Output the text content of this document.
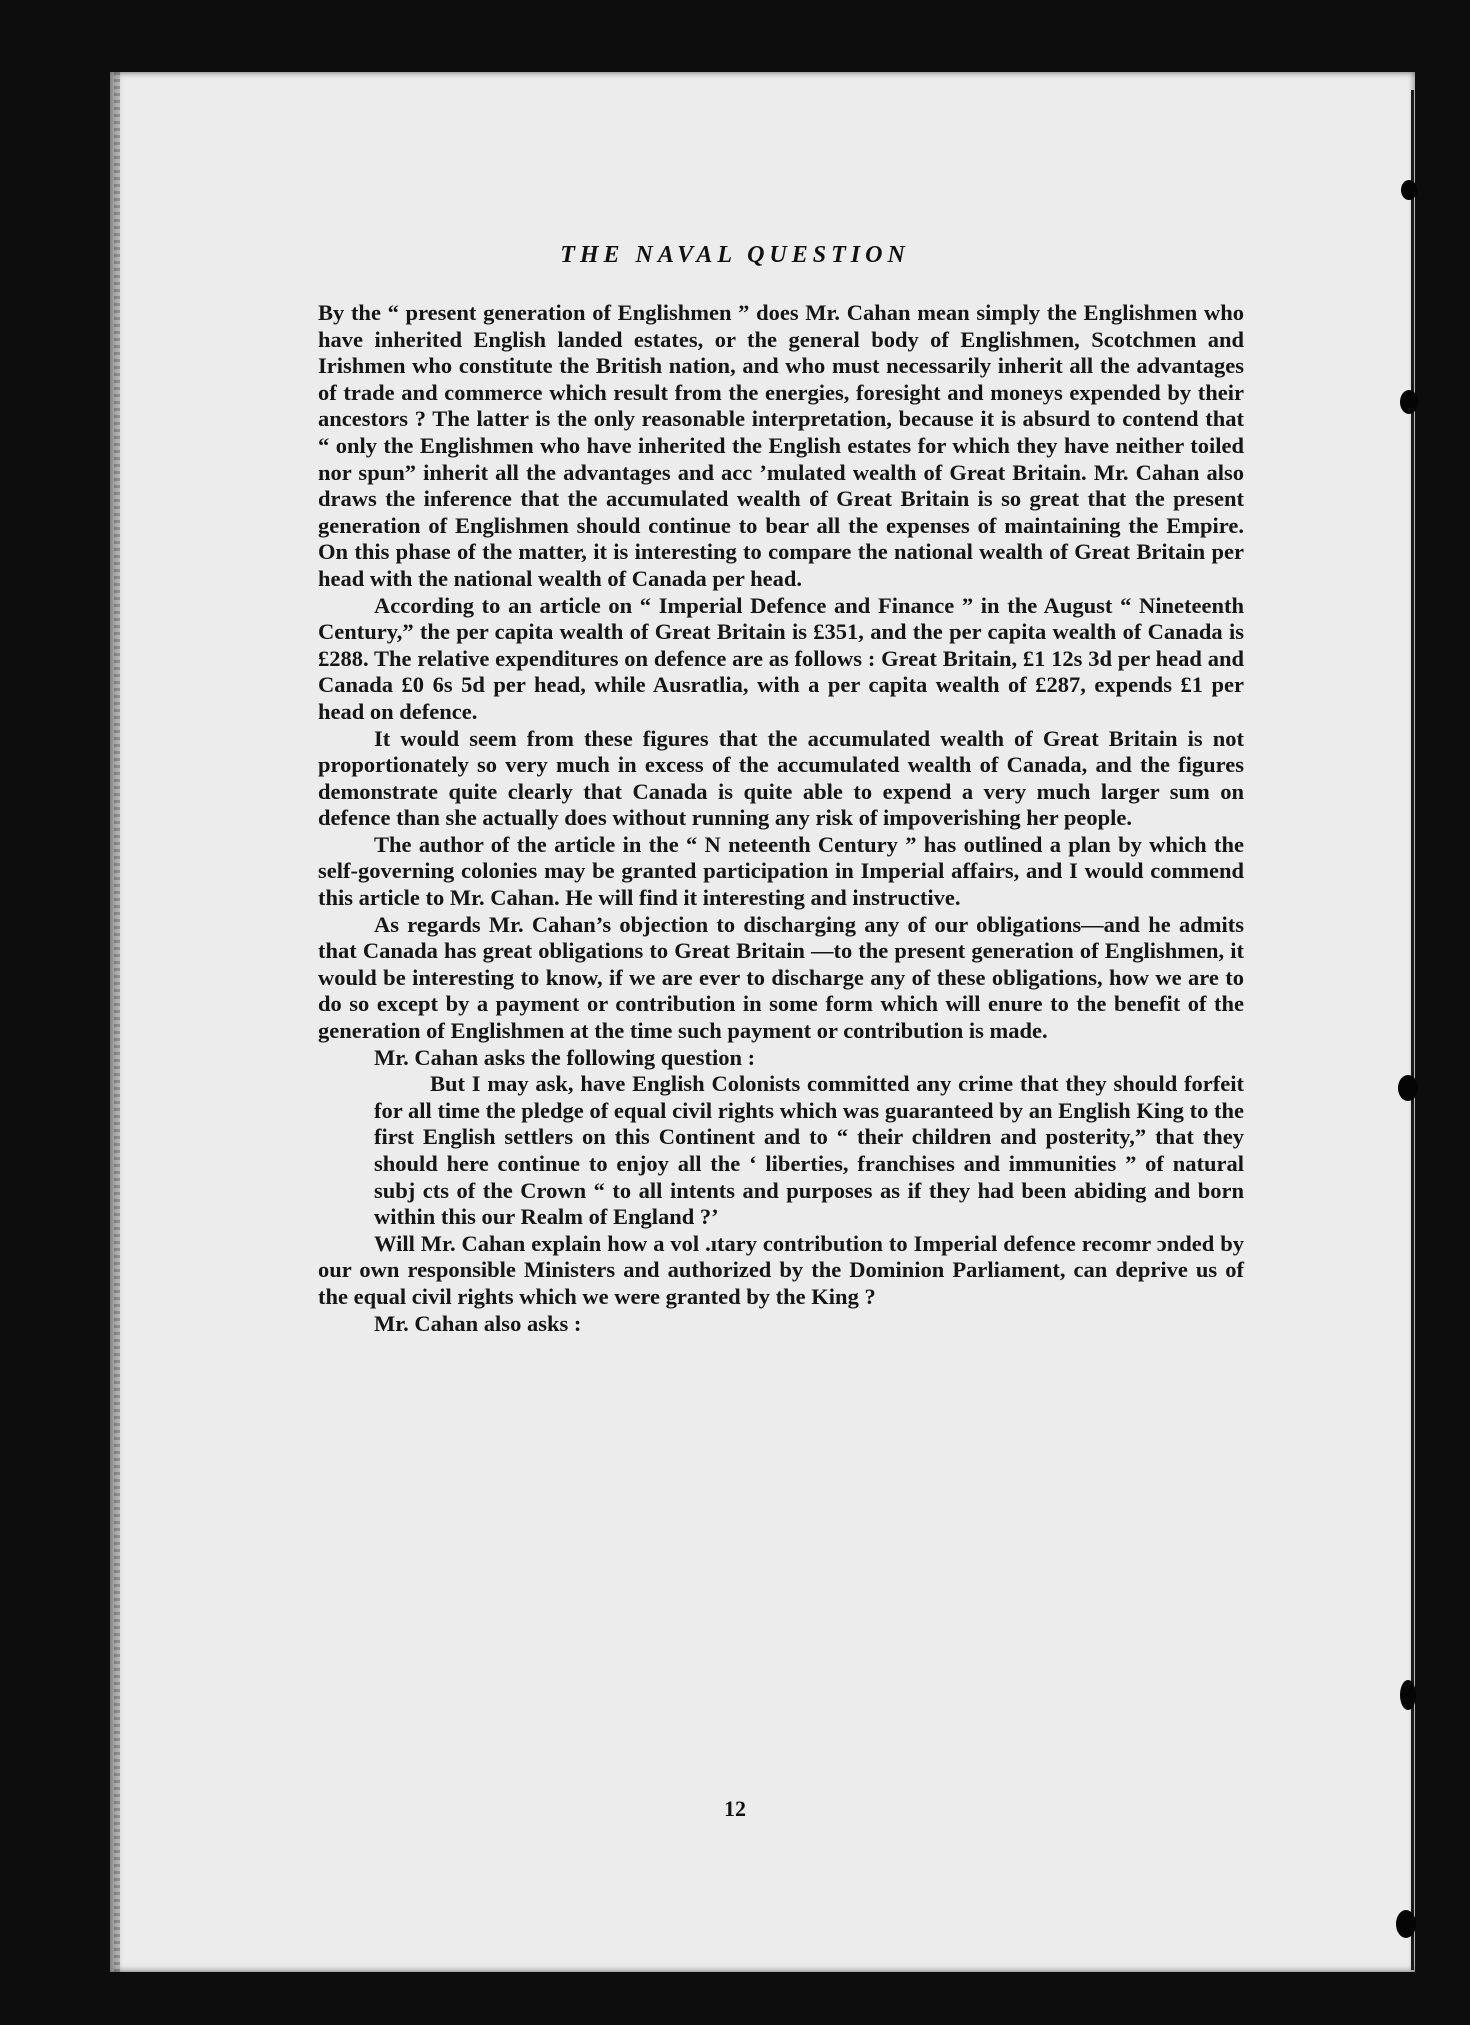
THE NAVAL QUESTION

By the “ present generation of Englishmen ” does Mr. Cahan mean simply the Englishmen who have inherited English landed estates, or the general body of Englishmen, Scotchmen and Irishmen who constitute the British nation, and who must necessarily inherit all the advantages of trade and commerce which result from the energies, foresight and moneys expended by their ancestors ? The latter is the only reasonable interpretation, because it is absurd to contend that “ only the Englishmen who have inherited the English estates for which they have neither toiled nor spun” inherit all the advantages and acc ’mulated wealth of Great Britain. Mr. Cahan also draws the inference that the accumulated wealth of Great Britain is so great that the present generation of Englishmen should continue to bear all the expenses of maintaining the Empire. On this phase of the matter, it is interesting to compare the national wealth of Great Britain per head with the national wealth of Canada per head.

According to an article on “ Imperial Defence and Finance ” in the August “ Nineteenth Century,” the per capita wealth of Great Britain is £351, and the per capita wealth of Canada is £288. The relative expenditures on defence are as follows : Great Britain, £1 12s 3d per head and Canada £0 6s 5d per head, while Ausratlia, with a per capita wealth of £287, expends £1 per head on defence.

It would seem from these figures that the accumulated wealth of Great Britain is not proportionately so very much in excess of the accumulated wealth of Canada, and the figures demonstrate quite clearly that Canada is quite able to expend a very much larger sum on defence than she actually does without running any risk of impoverishing her people.

The author of the article in the “ N neteenth Century ” has outlined a plan by which the self-governing colonies may be granted participation in Imperial affairs, and I would commend this article to Mr. Cahan. He will find it interesting and instructive.

As regards Mr. Cahan’s objection to discharging any of our obligations—and he admits that Canada has great obligations to Great Britain —to the present generation of Englishmen, it would be interesting to know, if we are ever to discharge any of these obligations, how we are to do so except by a payment or contribution in some form which will enure to the benefit of the generation of Englishmen at the time such payment or contribution is made.

Mr. Cahan asks the following question :

But I may ask, have English Colonists committed any crime that they should forfeit for all time the pledge of equal civil rights which was guaranteed by an English King to the first English settlers on this Continent and to “ their children and posterity,” that they should here continue to enjoy all the ‘ liberties, franchises and immunities ” of natural subj cts of the Crown “ to all intents and purposes as if they had been abiding and born within this our Realm of England ?’

Will Mr. Cahan explain how a vol .ıtary contribution to Imperial defence recomr ɔnded by our own responsible Ministers and authorized by the Dominion Parliament, can deprive us of the equal civil rights which we were granted by the King ?

Mr. Cahan also asks :

12
